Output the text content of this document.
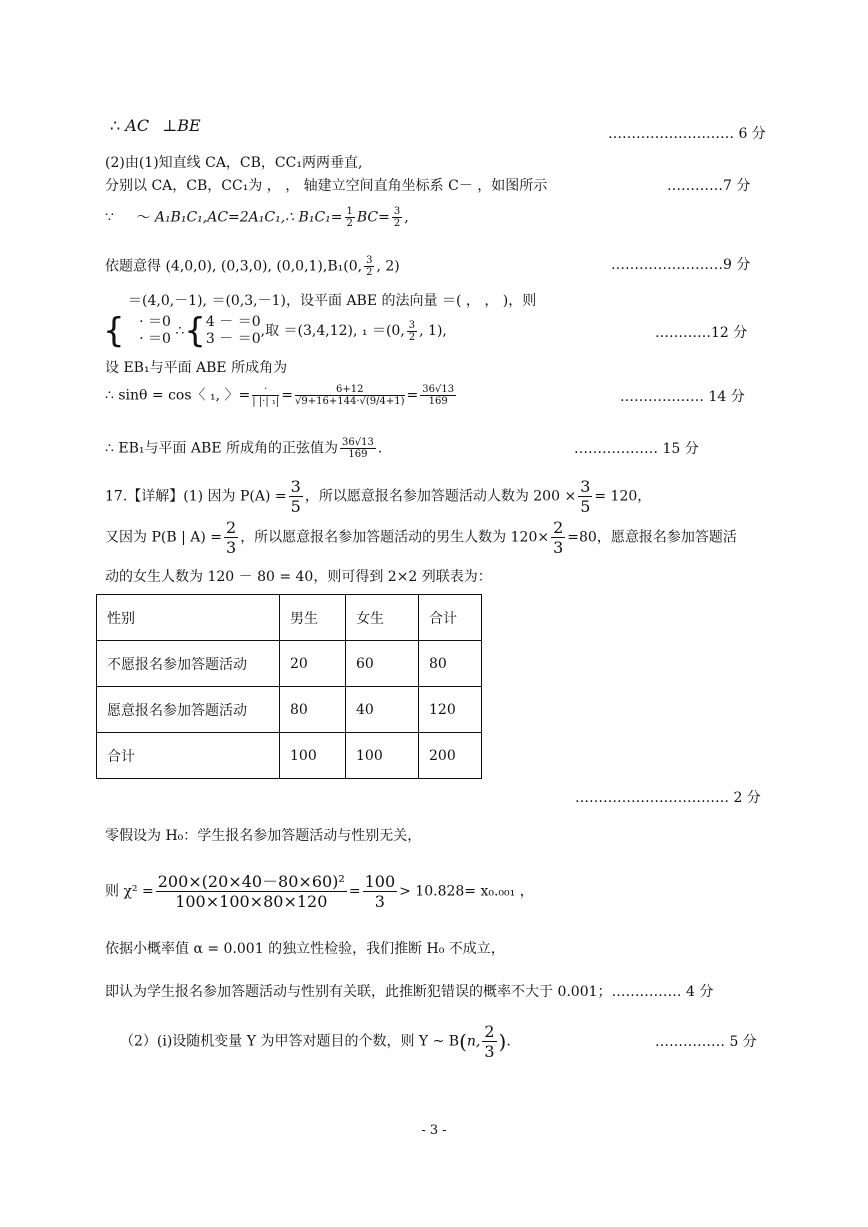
∴ AC ⊥BE	……………………… 6 分
(2)由(1)知直线 CA，CB，CC₁两两垂直,
分别以 CA，CB，CC₁为 ， ， 轴建立空间直角坐标系 C－ ，如图所示	…………7 分
∵ ～ A₁B₁C₁,AC=2A₁C₁,∴ $B_1C_1= \frac{1}{2} BC= \frac{3}{2}$ ,
依题意得 (4,0,0), (0,3,0), (0,0,1),B₁(0, $\frac{3}{2}$ , 2)	……………………9 分
＝(4,0,－1), ＝(0,3,－1)，设平面 ABE 的法向量 ＝( ， ， )，则
{ · ＝0
· ＝0 ∴{ 4 － ＝0
3 － ＝0 ,取 ＝(3,4,12), ₁ ＝(0, $\frac{3}{2}$ , 1),	…………12 分
设 EB₁与平面 ABE 所成角为
∴ sinθ = cos〈 ₁, 〉= $\frac{\cdot}{\text{| |·| ₁|}} = \frac{6+12}{√9+16+144\cdot√(9/4+1)} = \frac{36√13}{169}$	……………… 14 分
∴ EB₁与平面 ABE 所成角的正弦值为 $\frac{36√13}{169}$ .	……………… 15 分
17.【详解】(1) 因为 $P(A) = \frac{3}{5}$ ，所以愿意报名参加答题活动人数为 $200 \times \frac{3}{5} = 120$，
又因为 P(B | $A) = \frac{2}{3}$ ，所以愿意报名参加答题活动的男生人数为 $120\times \frac{2}{3} =80$，愿意报名参加答题活
动的女生人数为 120 － 80 = 40，则可得到 2×2 列联表为：
性别	男生	女生	合计
不愿报名参加答题活动	20	60	80
愿意报名参加答题活动	80	40	120
合计	100	100	200
…………………………… 2 分
零假设为 H₀：学生报名参加答题活动与性别无关，
则 $\chi^2 = \frac{\text{200×(20×40－80×60)²}}{100\times 100\times 80\times 120} = \frac{100}{3} > 10.828= x_0._{001}$ ，
依据小概率值 α = 0.001 的独立性检验，我们推断 H₀ 不成立，
即认为学生报名参加答题活动与性别有关联，此推断犯错误的概率不大于 0.001；…………… 4 分
（2）(i)设随机变量 Y 为甲答对题目的个数，则 Y ~ B(n, $\frac{2}{3}$ ).	…………… 5 分
- 3 -
